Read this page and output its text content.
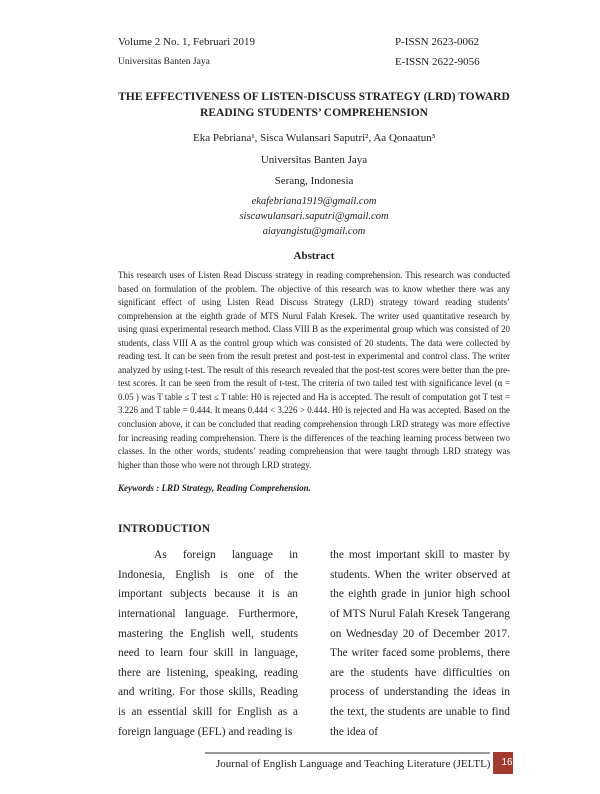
Volume 2 No. 1, Februari 2019	P-ISSN 2623-0062
Universitas Banten Jaya	E-ISSN 2622-9056
THE EFFECTIVENESS OF LISTEN-DISCUSS STRATEGY (LRD) TOWARD READING STUDENTS’ COMPREHENSION
Eka Pebriana¹, Sisca Wulansari Saputri², Aa Qonaatun³
Universitas Banten Jaya
Serang, Indonesia
ekafebriana1919@gmail.com
siscawulansari.saputri@gmail.com
aiayangistu@gmail.com
Abstract
This research uses of Listen Read Discuss strategy in reading comprehension. This research was conducted based on formulation of the problem. The objective of this research was to know whether there was any significant effect of using Listen Read Discuss Strategy (LRD) strategy toward reading students’ comprehension at the eighth grade of MTS Nurul Falah Kresek. The writer used quantitative research by using quasi experimental research method. Class VIII B as the experimental group which was consisted of 20 students, class VIII A as the control group which was consisted of 20 students. The data were collected by reading test. It can be seen from the result pretest and post-test in experimental and control class. The writer analyzed by using t-test. The result of this research revealed that the post-test scores were better than the pre-test scores. It can be seen from the result of t-test. The criteria of two tailed test with significance level (α = 0.05 ) was T table ≤ T test ≤ T table: H0 is rejected and Ha is accepted. The result of computation got T test = 3.226 and T table = 0.444. It means 0.444 < 3.226 > 0.444. H0 is rejected and Ha was accepted. Based on the conclusion above, it can be concluded that reading comprehension through LRD strategy was more effective for increasing reading comprehension. There is the differences of the teaching learning process between two classes. In the other words, students’ reading comprehension that were taught through LRD strategy was higher than those who were not through LRD strategy.
Keywords : LRD Strategy, Reading Comprehension.
INTRODUCTION

As foreign language in Indonesia, English is one of the important subjects because it is an international language. Furthermore, mastering the English well, students need to learn four skill in language, there are listening, speaking, reading and writing. For those skills, Reading is an essential skill for English as a foreign language (EFL) and reading is

the most important skill to master by students. When the writer observed at the eighth grade in junior high school of MTS Nurul Falah Kresek Tangerang on Wednesday 20 of December 2017. The writer faced some problems, there are the students have difficulties on process of understanding the ideas in the text, the students are unable to find the idea of

Journal of English Language and Teaching Literature (JELTL)	16
